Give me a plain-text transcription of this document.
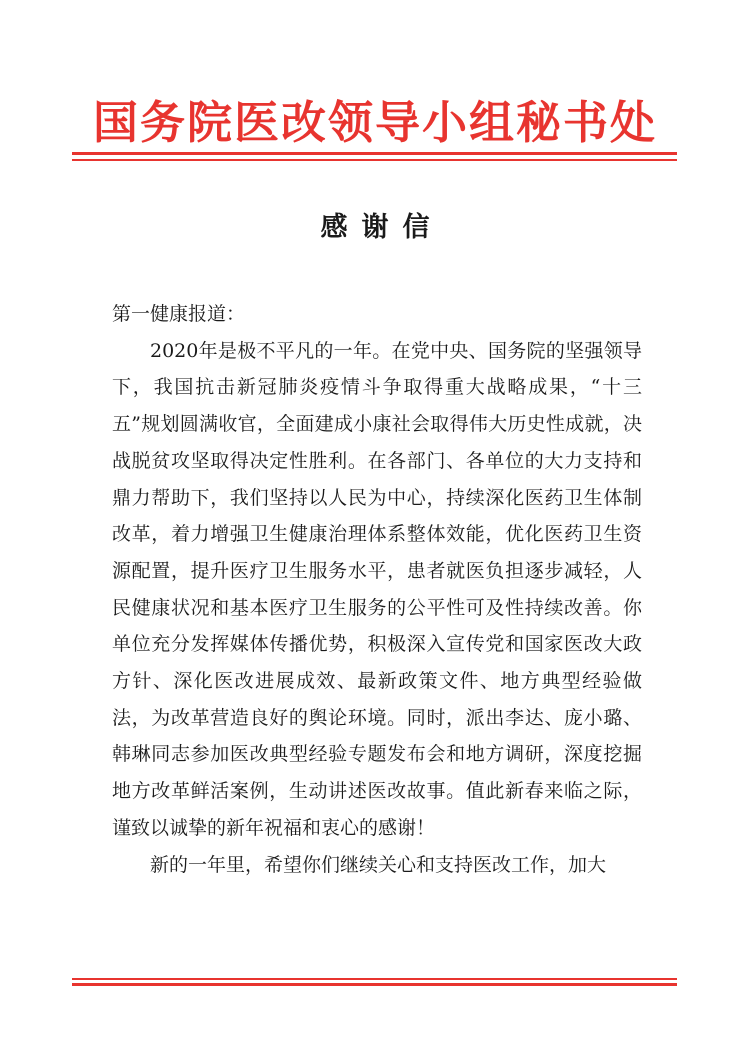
国务院医改领导小组秘书处
感谢信

第一健康报道：

2020年是极不平凡的一年。在党中央、国务院的坚强领导下，我国抗击新冠肺炎疫情斗争取得重大战略成果，“十三五”规划圆满收官，全面建成小康社会取得伟大历史性成就，决战脱贫攻坚取得决定性胜利。在各部门、各单位的大力支持和鼎力帮助下，我们坚持以人民为中心，持续深化医药卫生体制改革，着力增强卫生健康治理体系整体效能，优化医药卫生资源配置，提升医疗卫生服务水平，患者就医负担逐步减轻，人民健康状况和基本医疗卫生服务的公平性可及性持续改善。你单位充分发挥媒体传播优势，积极深入宣传党和国家医改大政方针、深化医改进展成效、最新政策文件、地方典型经验做法，为改革营造良好的舆论环境。同时，派出李达、庞小璐、韩琳同志参加医改典型经验专题发布会和地方调研，深度挖掘地方改革鲜活案例，生动讲述医改故事。值此新春来临之际，谨致以诚挚的新年祝福和衷心的感谢！

新的一年里，希望你们继续关心和支持医改工作，加大
